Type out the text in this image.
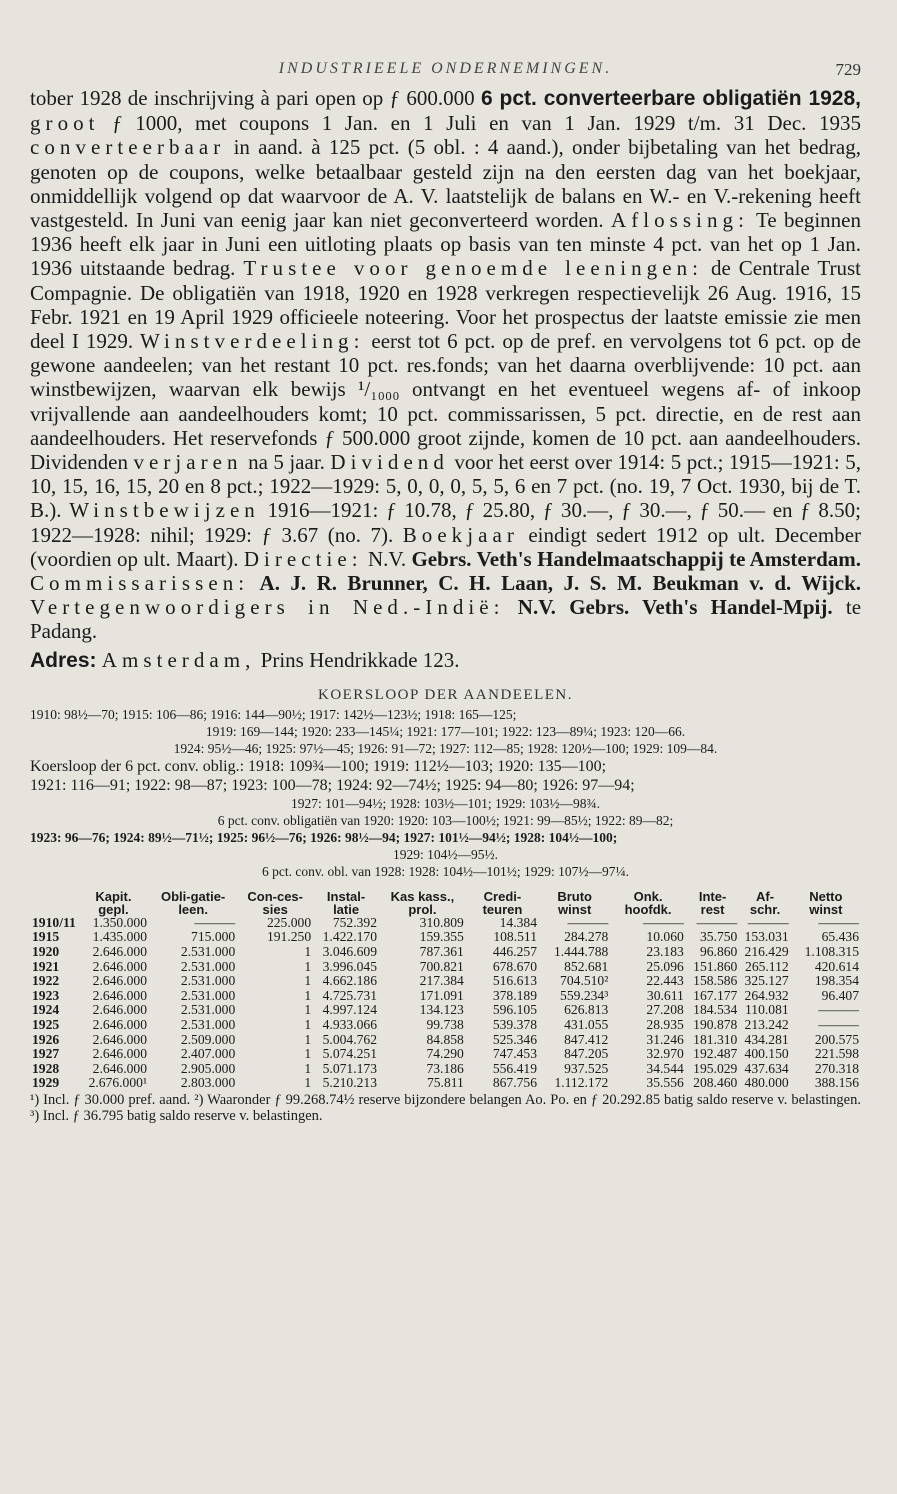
INDUSTRIEELE ONDERNEMINGEN.	729

tober 1928 de inschrijving à pari open op ƒ 600.000 6 pct. converteerbare obligatiën 1928, groot ƒ 1000, met coupons 1 Jan. en 1 Juli en van 1 Jan. 1929 t/m. 31 Dec. 1935 converteerbaar in aand. à 125 pct. (5 obl. : 4 aand.), onder bijbetaling van het bedrag, genoten op de coupons, welke betaalbaar gesteld zijn na den eersten dag van het boekjaar, onmiddellijk volgend op dat waarvoor de A. V. laatstelijk de balans en W.- en V.-rekening heeft vastgesteld. In Juni van eenig jaar kan niet geconverteerd worden. Aflossing: Te beginnen 1936 heeft elk jaar in Juni een uitloting plaats op basis van ten minste 4 pct. van het op 1 Jan. 1936 uitstaande bedrag. Trustee voor genoemde leeningen: de Centrale Trust Compagnie. De obligatiën van 1918, 1920 en 1928 verkregen respectievelijk 26 Aug. 1916, 15 Febr. 1921 en 19 April 1929 officieele noteering. Voor het prospectus der laatste emissie zie men deel I 1929. Winstverdeeling: eerst tot 6 pct. op de pref. en vervolgens tot 6 pct. op de gewone aandeelen; van het restant 10 pct. res.fonds; van het daarna overblijvende: 10 pct. aan winstbewijzen, waarvan elk bewijs ¹/₁₀₀₀ ontvangt en het eventueel wegens af- of inkoop vrijvallende aan aandeelhouders komt; 10 pct. commissarissen, 5 pct. directie, en de rest aan aandeelhouders. Het reservefonds ƒ 500.000 groot zijnde, komen de 10 pct. aan aandeelhouders. Dividenden verjaren na 5 jaar. Dividend voor het eerst over 1914: 5 pct.; 1915—1921: 5, 10, 15, 16, 15, 20 en 8 pct.; 1922—1929: 5, 0, 0, 0, 5, 5, 6 en 7 pct. (no. 19, 7 Oct. 1930, bij de T. B.). Winstbewijzen 1916—1921: ƒ 10.78, ƒ 25.80, ƒ 30.—, ƒ 30.—, ƒ 50.— en ƒ 8.50; 1922—1928: nihil; 1929: ƒ 3.67 (no. 7). Boekjaar eindigt sedert 1912 op ult. December (voordien op ult. Maart). Directie: N.V. Gebrs. Veth's Handelmaatschappij te Amsterdam. Commissarissen: A. J. R. Brunner, C. H. Laan, J. S. M. Beukman v. d. Wijck. Vertegenwoordigers in Ned.-Indië: N.V. Gebrs. Veth's Handel-Mpij. te Padang.

Adres: Amsterdam, Prins Hendrikkade 123.

KOERSLOOP DER AANDEELEN.
1910: 98½—70; 1915: 106—86; 1916: 144—90½; 1917: 142½—123½; 1918: 165—125;
1919: 169—144; 1920: 233—145¼; 1921: 177—101; 1922: 123—89¼; 1923: 120—66.
1924: 95½—46; 1925: 97½—45; 1926: 91—72; 1927: 112—85; 1928: 120½—100; 1929: 109—84.
Koersloop der 6 pct. conv. oblig.: 1918: 109¾—100; 1919: 112½—103; 1920: 135—100;
1921: 116—91; 1922: 98—87; 1923: 100—78; 1924: 92—74½; 1925: 94—80; 1926: 97—94;
1927: 101—94½; 1928: 103½—101; 1929: 103½—98¾.
6 pct. conv. obligatiën van 1920: 1920: 103—100½; 1921: 99—85½; 1922: 89—82;
1923: 96—76; 1924: 89½—71½; 1925: 96½—76; 1926: 98½—94; 1927: 101½—94½; 1928: 104½—100;
1929: 104½—95½.
6 pct. conv. obl. van 1928: 1928: 104½—101½; 1929: 107½—97¼.
	Kapit. gepl.	Obli-gatie-leen.	Con-ces-sies	Instal-latie	Kas kass., prol.	Credi-teuren	Bruto winst	Onk. hoofdk.	Inte-rest	Af-schr.	Netto winst
1910/11	1.350.000	———	225.000	752.392	310.809	14.384	———	———	———	———	———
1915	1.435.000	715.000	191.250	1.422.170	159.355	108.511	284.278	10.060	35.750	153.031	65.436
1920	2.646.000	2.531.000	1	3.046.609	787.361	446.257	1.444.788	23.183	96.860	216.429	1.108.315
1921	2.646.000	2.531.000	1	3.996.045	700.821	678.670	852.681	25.096	151.860	265.112	420.614
1922	2.646.000	2.531.000	1	4.662.186	217.384	516.613	704.510²	22.443	158.586	325.127	198.354
1923	2.646.000	2.531.000	1	4.725.731	171.091	378.189	559.234³	30.611	167.177	264.932	96.407
1924	2.646.000	2.531.000	1	4.997.124	134.123	596.105	626.813	27.208	184.534	110.081	———
1925	2.646.000	2.531.000	1	4.933.066	99.738	539.378	431.055	28.935	190.878	213.242	———
1926	2.646.000	2.509.000	1	5.004.762	84.858	525.346	847.412	31.246	181.310	434.281	200.575
1927	2.646.000	2.407.000	1	5.074.251	74.290	747.453	847.205	32.970	192.487	400.150	221.598
1928	2.646.000	2.905.000	1	5.071.173	73.186	556.419	937.525	34.544	195.029	437.634	270.318
1929	2.676.000¹	2.803.000	1	5.210.213	75.811	867.756	1.112.172	35.556	208.460	480.000	388.156
¹) Incl. ƒ 30.000 pref. aand. ²) Waaronder ƒ 99.268.74½ reserve bijzondere belangen Ao. Po. en ƒ 20.292.85 batig saldo reserve v. belastingen. ³) Incl. ƒ 36.795 batig saldo reserve v. belastingen.
